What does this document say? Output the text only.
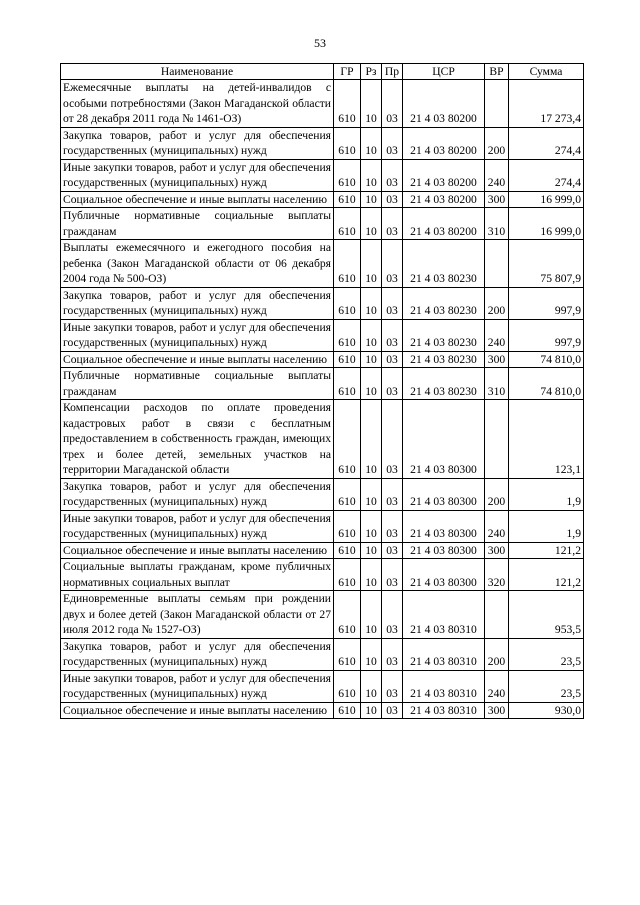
53
Наименование	ГР	Рз	Пр	ЦСР	ВР	Сумма
Ежемесячные выплаты на детей-инвалидов с особыми потребностями (Закон Магаданской области от 28 декабря 2011 года № 1461-ОЗ)	610	10	03	21 4 03 80200		17 273,4
Закупка товаров, работ и услуг для обеспечения государственных (муниципальных) нужд	610	10	03	21 4 03 80200	200	274,4
Иные закупки товаров, работ и услуг для обеспечения государственных (муниципальных) нужд	610	10	03	21 4 03 80200	240	274,4
Социальное обеспечение и иные выплаты населению	610	10	03	21 4 03 80200	300	16 999,0
Публичные нормативные социальные выплаты гражданам	610	10	03	21 4 03 80200	310	16 999,0
Выплаты ежемесячного и ежегодного пособия на ребенка (Закон Магаданской области от 06 декабря 2004 года № 500-ОЗ)	610	10	03	21 4 03 80230		75 807,9
Закупка товаров, работ и услуг для обеспечения государственных (муниципальных) нужд	610	10	03	21 4 03 80230	200	997,9
Иные закупки товаров, работ и услуг для обеспечения государственных (муниципальных) нужд	610	10	03	21 4 03 80230	240	997,9
Социальное обеспечение и иные выплаты населению	610	10	03	21 4 03 80230	300	74 810,0
Публичные нормативные социальные выплаты гражданам	610	10	03	21 4 03 80230	310	74 810,0
Компенсации расходов по оплате проведения кадастровых работ в связи с бесплатным предоставлением в собственность граждан, имеющих трех и более детей, земельных участков на территории Магаданской области	610	10	03	21 4 03 80300		123,1
Закупка товаров, работ и услуг для обеспечения государственных (муниципальных) нужд	610	10	03	21 4 03 80300	200	1,9
Иные закупки товаров, работ и услуг для обеспечения государственных (муниципальных) нужд	610	10	03	21 4 03 80300	240	1,9
Социальное обеспечение и иные выплаты населению	610	10	03	21 4 03 80300	300	121,2
Социальные выплаты гражданам, кроме публичных нормативных социальных выплат	610	10	03	21 4 03 80300	320	121,2
Единовременные выплаты семьям при рождении двух и более детей (Закон Магаданской области от 27 июля 2012 года № 1527-ОЗ)	610	10	03	21 4 03 80310		953,5
Закупка товаров, работ и услуг для обеспечения государственных (муниципальных) нужд	610	10	03	21 4 03 80310	200	23,5
Иные закупки товаров, работ и услуг для обеспечения государственных (муниципальных) нужд	610	10	03	21 4 03 80310	240	23,5
Социальное обеспечение и иные выплаты населению	610	10	03	21 4 03 80310	300	930,0
